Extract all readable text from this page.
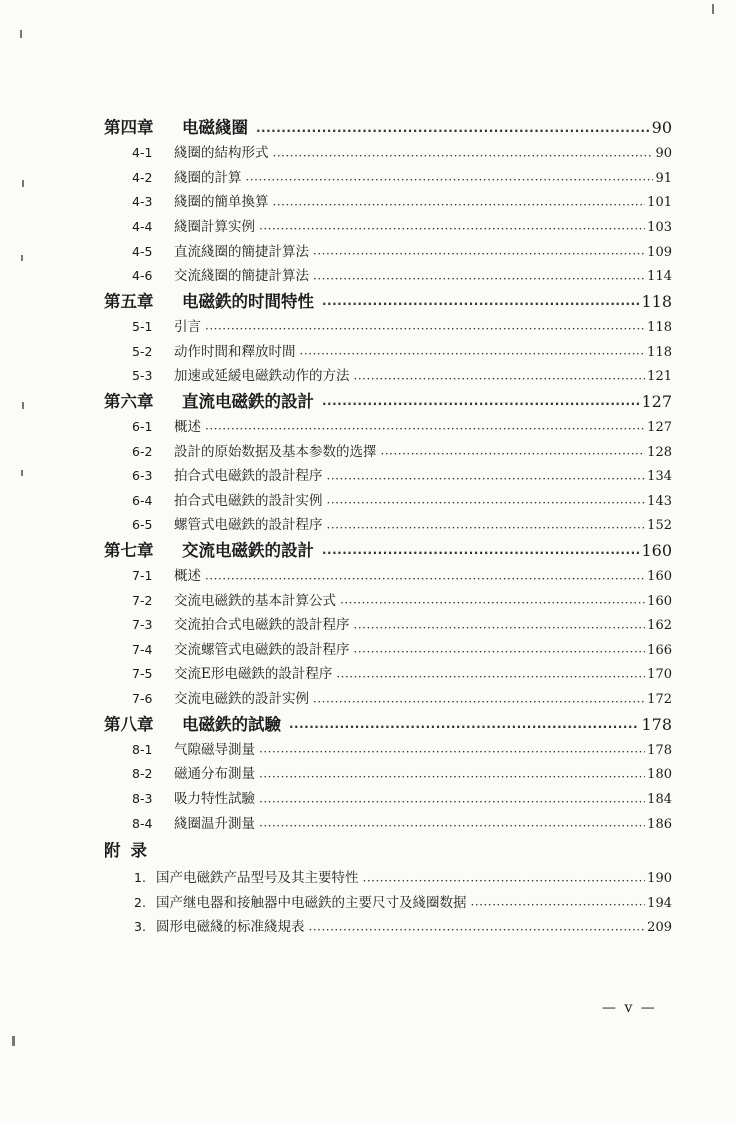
第四章	电磁綫圈 ·····	90
4-1	綫圈的結构形式 ·····	90
4-2	綫圈的計算 ·····	91
4-3	綫圈的簡单換算 ·····	101
4-4	綫圈計算实例 ·····	103
4-5	直流綫圈的簡捷計算法 ·····	109
4-6	交流綫圈的簡捷計算法 ·····	114
第五章	电磁鉄的时間特性 ·····	118
5-1	引言 ·····	118
5-2	动作时間和釋放时間 ·····	118
5-3	加速或延緩电磁鉄动作的方法 ·····	121
第六章	直流电磁鉄的設計 ·····	127
6-1	概述 ·····	127
6-2	設計的原始数据及基本参数的选擇 ·····	128
6-3	拍合式电磁鉄的設計程序 ·····	134
6-4	拍合式电磁鉄的設計实例 ·····	143
6-5	螺管式电磁鉄的設計程序 ·····	152
第七章	交流电磁鉄的設計 ·····	160
7-1	概述 ·····	160
7-2	交流电磁鉄的基本計算公式 ·····	160
7-3	交流拍合式电磁鉄的設計程序 ·····	162
7-4	交流螺管式电磁鉄的設計程序 ·····	166
7-5	交流E形电磁鉄的設計程序 ·····	170
7-6	交流电磁鉄的設計实例 ·····	172
第八章	电磁鉄的試驗 ·····	178
8-1	气隙磁导測量 ·····	178
8-2	磁通分布測量 ·····	180
8-3	吸力特性試驗 ·····	184
8-4	綫圈温升測量 ·····	186
附录
1. 国产电磁鉄产品型号及其主要特性 ·····	190
2. 国产继电器和接触器中电磁鉄的主要尺寸及綫圈数据 ·····	194
3. 圆形电磁綫的标准綫規表 ·····	209
— v —
